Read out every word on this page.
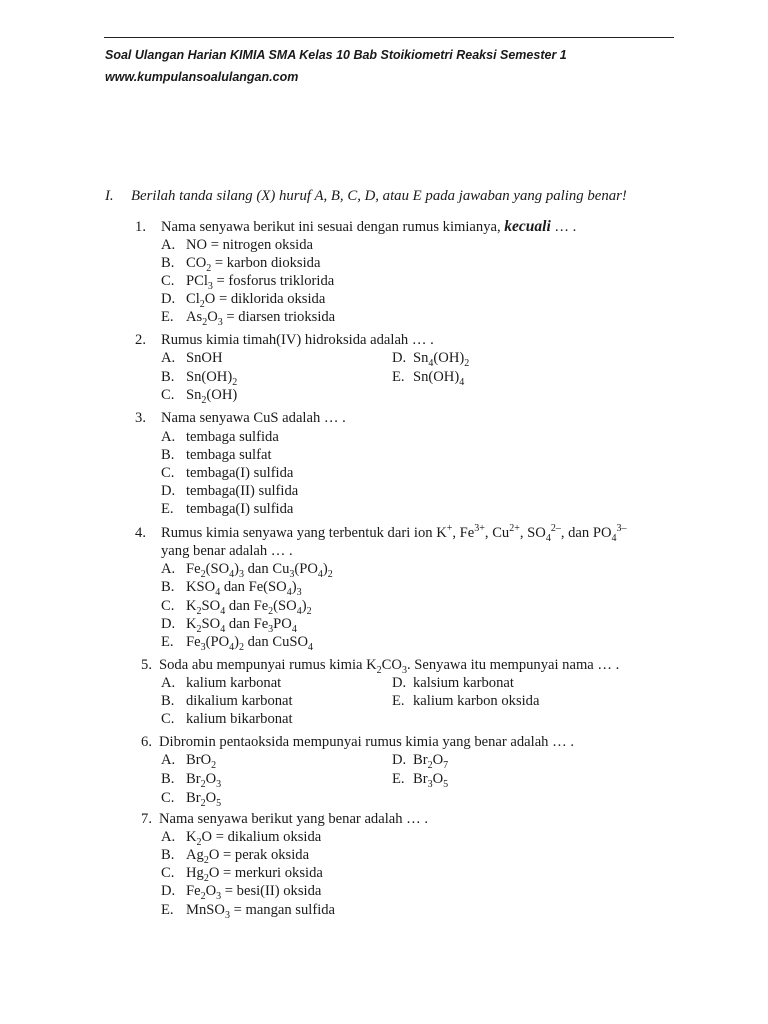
Soal Ulangan Harian KIMIA SMA Kelas 10 Bab Stoikiometri Reaksi Semester 1
www.kumpulansoalulangan.com
I. Berilah tanda silang (X) huruf A, B, C, D, atau E pada jawaban yang paling benar!
1. Nama senyawa berikut ini sesuai dengan rumus kimianya, kecuali … .
A. NO = nitrogen oksida
B. $CO_2$ = karbon dioksida
C. PCl$_3$ = fosforus triklorida
D. $Cl_2O$ = diklorida oksida
E. $As_2O_3$ = diarsen trioksida
2. Rumus kimia timah(IV) hidroksida adalah … .
A. SnOH
B. $Sn(OH)_2$
C. $Sn_2(OH)$
D. $Sn_4(OH)_2$
E. $Sn(OH)_4$
3. Nama senyawa CuS adalah … .
A. tembaga sulfida
B. tembaga sulfat
C. tembaga(I) sulfida
D. tembaga(II) sulfida
E. tembaga(I) sulfida
4. Rumus kimia senyawa yang terbentuk dari ion K+, $Fe^{3+}$, $Cu^{2+}$, $SO_4^{2-}$, dan $PO_4^{3-}$
yang benar adalah … .
A. $Fe_2(SO_4)_3$ dan $Cu_3(PO_4)_2$
B. $KSO_4$ dan $Fe(SO_4)_3$
C. $K_2SO_4$ dan $Fe_2(SO_4)_2$
D. $K_2SO_4$ dan $Fe_3PO_4$
E. $Fe_3(PO_4)_2$ dan CuSO$_4$
5. Soda abu mempunyai rumus kimia $K_2CO_3$. Senyawa itu mempunyai nama … .
A. kalium karbonat
B. dikalium karbonat
C. kalium bikarbonat
D. kalsium karbonat
E. kalium karbon oksida
6. Dibromin pentaoksida mempunyai rumus kimia yang benar adalah … .
A. BrO$_2$
B. $Br_2O_3$
C. $Br_2O_5$
D. $Br_2O_7$
E. $Br_3O_5$
7. Nama senyawa berikut yang benar adalah … .
A. $K_2O$ = dikalium oksida
B. $Ag_2O$ = perak oksida
C. $Hg_2O$ = merkuri oksida
D. $Fe_2O_3$ = besi(II) oksida
E. MnSO$_3$ = mangan sulfida
